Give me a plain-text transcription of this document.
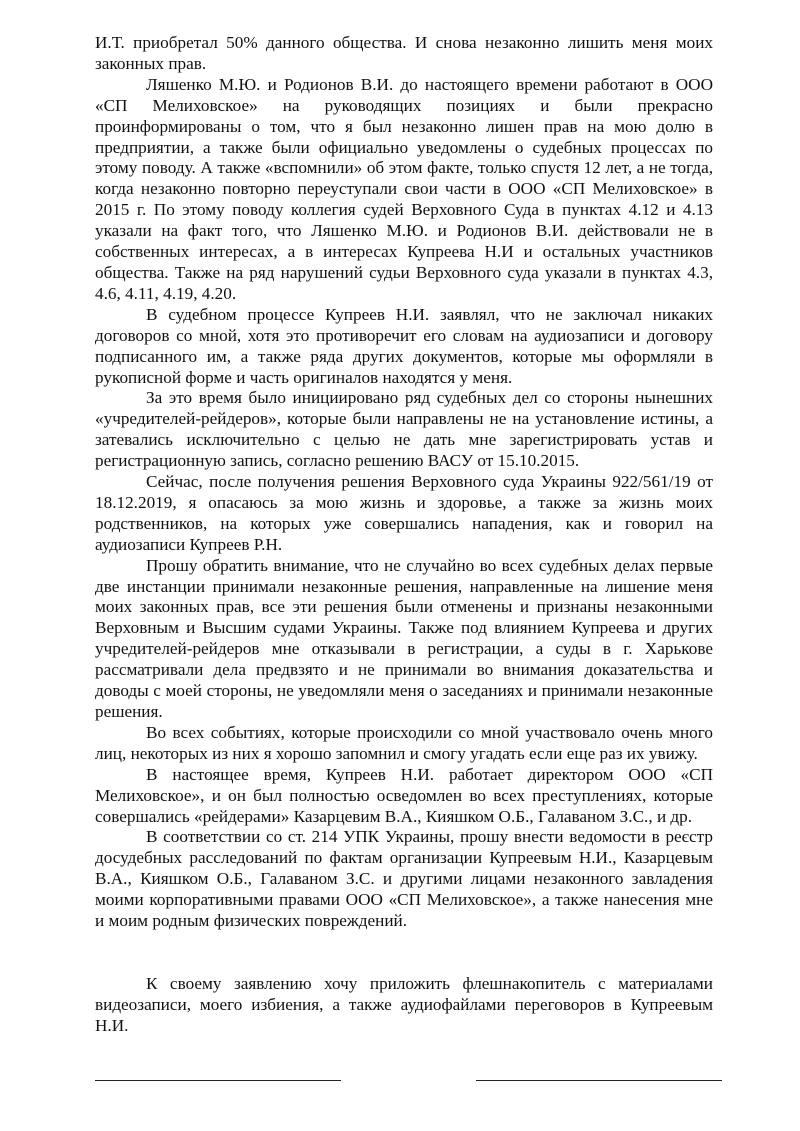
И.Т. приобретал 50% данного общества. И снова незаконно лишить меня моих законных прав.

Ляшенко М.Ю. и Родионов В.И. до настоящего времени работают в ООО «СП Мелиховское» на руководящих позициях и были прекрасно проинформированы о том, что я был незаконно лишен прав на мою долю в предприятии, а также были официально уведомлены о судебных процессах по этому поводу. А также «вспомнили» об этом факте, только спустя 12 лет, а не тогда, когда незаконно повторно переуступали свои части в ООО «СП Мелиховское» в 2015 г. По этому поводу коллегия судей Верховного Суда в пунктах 4.12 и 4.13 указали на факт того, что Ляшенко М.Ю. и Родионов В.И. действовали не в собственных интересах, а в интересах Купреева Н.И и остальных участников общества. Также на ряд нарушений судьи Верховного суда указали в пунктах 4.3, 4.6, 4.11, 4.19, 4.20.

В судебном процессе Купреев Н.И. заявлял, что не заключал никаких договоров со мной, хотя это противоречит его словам на аудиозаписи и договору подписанного им, а также ряда других документов, которые мы оформляли в рукописной форме и часть оригиналов находятся у меня.

За это время было инициировано ряд судебных дел со стороны нынешних «учредителей-рейдеров», которые были направлены не на установление истины, а затевались исключительно с целью не дать мне зарегистрировать устав и регистрационную запись, согласно решению ВАСУ от 15.10.2015.

Сейчас, после получения решения Верховного суда Украины 922/561/19 от 18.12.2019, я опасаюсь за мою жизнь и здоровье, а также за жизнь моих родственников, на которых уже совершались нападения, как и говорил на аудиозаписи Купреев Р.Н.

Прошу обратить внимание, что не случайно во всех судебных делах первые две инстанции принимали незаконные решения, направленные на лишение меня моих законных прав, все эти решения были отменены и признаны незаконными Верховным и Высшим судами Украины. Также под влиянием Купреева и других учредителей-рейдеров мне отказывали в регистрации, а суды в г. Харькове рассматривали дела предвзято и не принимали во внимания доказательства и доводы с моей стороны, не уведомляли меня о заседаниях и принимали незаконные решения.

Во всех событиях, которые происходили со мной участвовало очень много лиц, некоторых из них я хорошо запомнил и смогу угадать если еще раз их увижу.

В настоящее время, Купреев Н.И. работает директором ООО «СП Мелиховское», и он был полностью осведомлен во всех преступлениях, которые совершались «рейдерами» Казарцевим В.А., Кияшком О.Б., Галаваном З.С., и др.

В соответствии со ст. 214 УПК Украины, прошу внести ведомости в реєстр досудебных расследований по фактам организации Купреевым Н.И., Казарцевым В.А., Кияшком О.Б., Галаваном З.С. и другими лицами незаконного завладения моими корпоративными правами ООО «СП Мелиховское», а также нанесения мне и моим родным физических повреждений.

К своему заявлению хочу приложить флешнакопитель с материалами видеозаписи, моего избиения, а также аудиофайлами переговоров в Купреевым Н.И.
